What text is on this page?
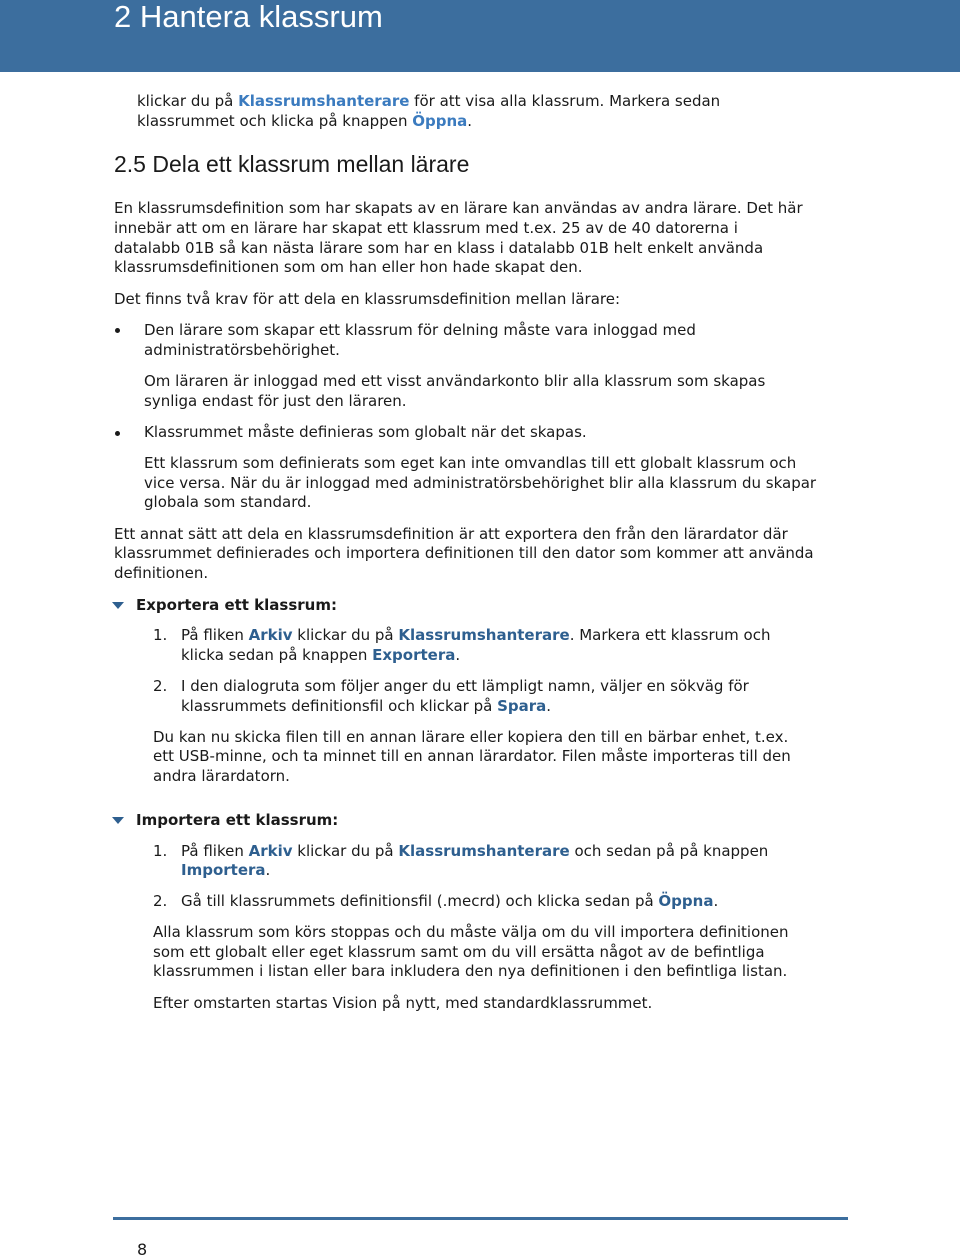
2 Hantera klassrum

klickar du på Klassrumshanterare för att visa alla klassrum. Markera sedan

klassrummet och klicka på knappen Öppna.

2.5 Dela ett klassrum mellan lärare

En klassrumsdefinition som har skapats av en lärare kan användas av andra lärare. Det här

innebär att om en lärare har skapat ett klassrum med t.ex. 25 av de 40 datorerna i

datalabb 01B så kan nästa lärare som har en klass i datalabb 01B helt enkelt använda

klassrumsdefinitionen som om han eller hon hade skapat den.

Det finns två krav för att dela en klassrumsdefinition mellan lärare:

Den lärare som skapar ett klassrum för delning måste vara inloggad med

administratörsbehörighet.

Om läraren är inloggad med ett visst användarkonto blir alla klassrum som skapas

synliga endast för just den läraren.

Klassrummet måste definieras som globalt när det skapas.

Ett klassrum som definierats som eget kan inte omvandlas till ett globalt klassrum och

vice versa. När du är inloggad med administratörsbehörighet blir alla klassrum du skapar

globala som standard.

Ett annat sätt att dela en klassrumsdefinition är att exportera den från den lärardator där

klassrummet definierades och importera definitionen till den dator som kommer att använda

definitionen.

Exportera ett klassrum:

1. På fliken Arkiv klickar du på Klassrumshanterare. Markera ett klassrum och

klicka sedan på knappen Exportera.

2. I den dialogruta som följer anger du ett lämpligt namn, väljer en sökväg för

klassrummets definitionsfil och klickar på Spara.

Du kan nu skicka filen till en annan lärare eller kopiera den till en bärbar enhet, t.ex.

ett USB-minne, och ta minnet till en annan lärardator. Filen måste importeras till den

andra lärardatorn.

Importera ett klassrum:

1. På fliken Arkiv klickar du på Klassrumshanterare och sedan på på knappen

Importera.

2. Gå till klassrummets definitionsfil (.mecrd) och klicka sedan på Öppna.

Alla klassrum som körs stoppas och du måste välja om du vill importera definitionen

som ett globalt eller eget klassrum samt om du vill ersätta något av de befintliga

klassrummen i listan eller bara inkludera den nya definitionen i den befintliga listan.

Efter omstarten startas Vision på nytt, med standardklassrummet.

8
